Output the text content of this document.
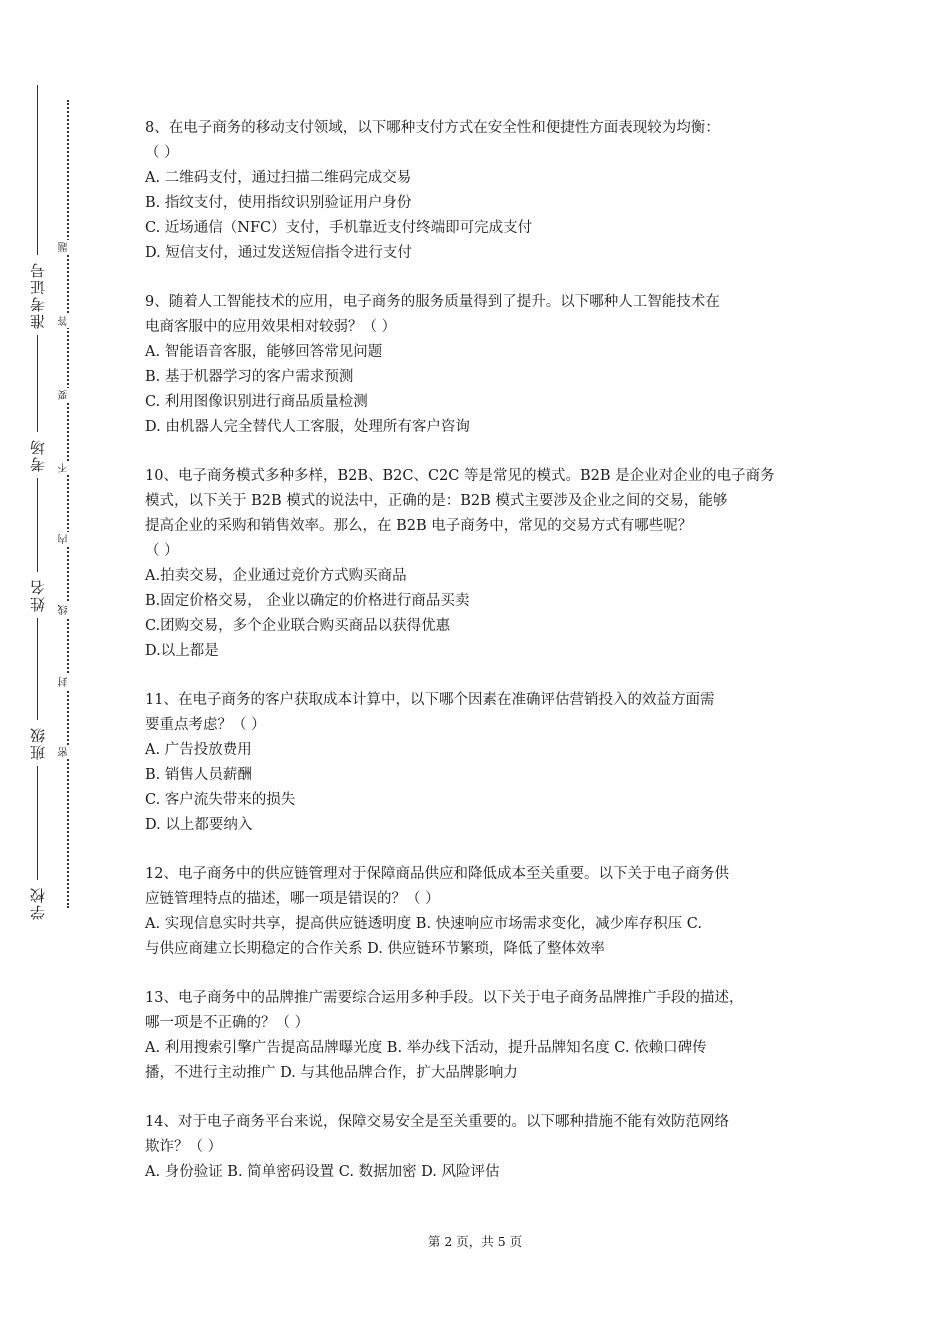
准考证号
考场
姓名
班级
学校
题
答
要
不
内
线
封
密
8、在电子商务的移动支付领域，以下哪种支付方式在安全性和便捷性方面表现较为均衡：
（ ）
A. 二维码支付，通过扫描二维码完成交易
B. 指纹支付，使用指纹识别验证用户身份
C. 近场通信（NFC）支付，手机靠近支付终端即可完成支付
D. 短信支付，通过发送短信指令进行支付
9、随着人工智能技术的应用，电子商务的服务质量得到了提升。以下哪种人工智能技术在
电商客服中的应用效果相对较弱？（ ）
A. 智能语音客服，能够回答常见问题
B. 基于机器学习的客户需求预测
C. 利用图像识别进行商品质量检测
D. 由机器人完全替代人工客服，处理所有客户咨询
10、电子商务模式多种多样，B2B、B2C、C2C 等是常见的模式。B2B 是企业对企业的电子商务
模式，以下关于 B2B 模式的说法中，正确的是：B2B 模式主要涉及企业之间的交易，能够
提高企业的采购和销售效率。那么，在 B2B 电子商务中，常见的交易方式有哪些呢？
（ ）
A.拍卖交易，企业通过竞价方式购买商品
B.固定价格交易， 企业以确定的价格进行商品买卖
C.团购交易，多个企业联合购买商品以获得优惠
D.以上都是
11、在电子商务的客户获取成本计算中，以下哪个因素在准确评估营销投入的效益方面需
要重点考虑？（ ）
A. 广告投放费用
B. 销售人员薪酬
C. 客户流失带来的损失
D. 以上都要纳入
12、电子商务中的供应链管理对于保障商品供应和降低成本至关重要。以下关于电子商务供
应链管理特点的描述，哪一项是错误的？（ ）
A. 实现信息实时共享，提高供应链透明度 B. 快速响应市场需求变化，减少库存积压 C.
与供应商建立长期稳定的合作关系 D. 供应链环节繁琐，降低了整体效率
13、电子商务中的品牌推广需要综合运用多种手段。以下关于电子商务品牌推广手段的描述，
哪一项是不正确的？（ ）
A. 利用搜索引擎广告提高品牌曝光度 B. 举办线下活动，提升品牌知名度 C. 依赖口碑传
播，不进行主动推广 D. 与其他品牌合作，扩大品牌影响力
14、对于电子商务平台来说，保障交易安全是至关重要的。以下哪种措施不能有效防范网络
欺诈？（ ）
A. 身份验证 B. 简单密码设置 C. 数据加密 D. 风险评估
第 2 页，共 5 页
